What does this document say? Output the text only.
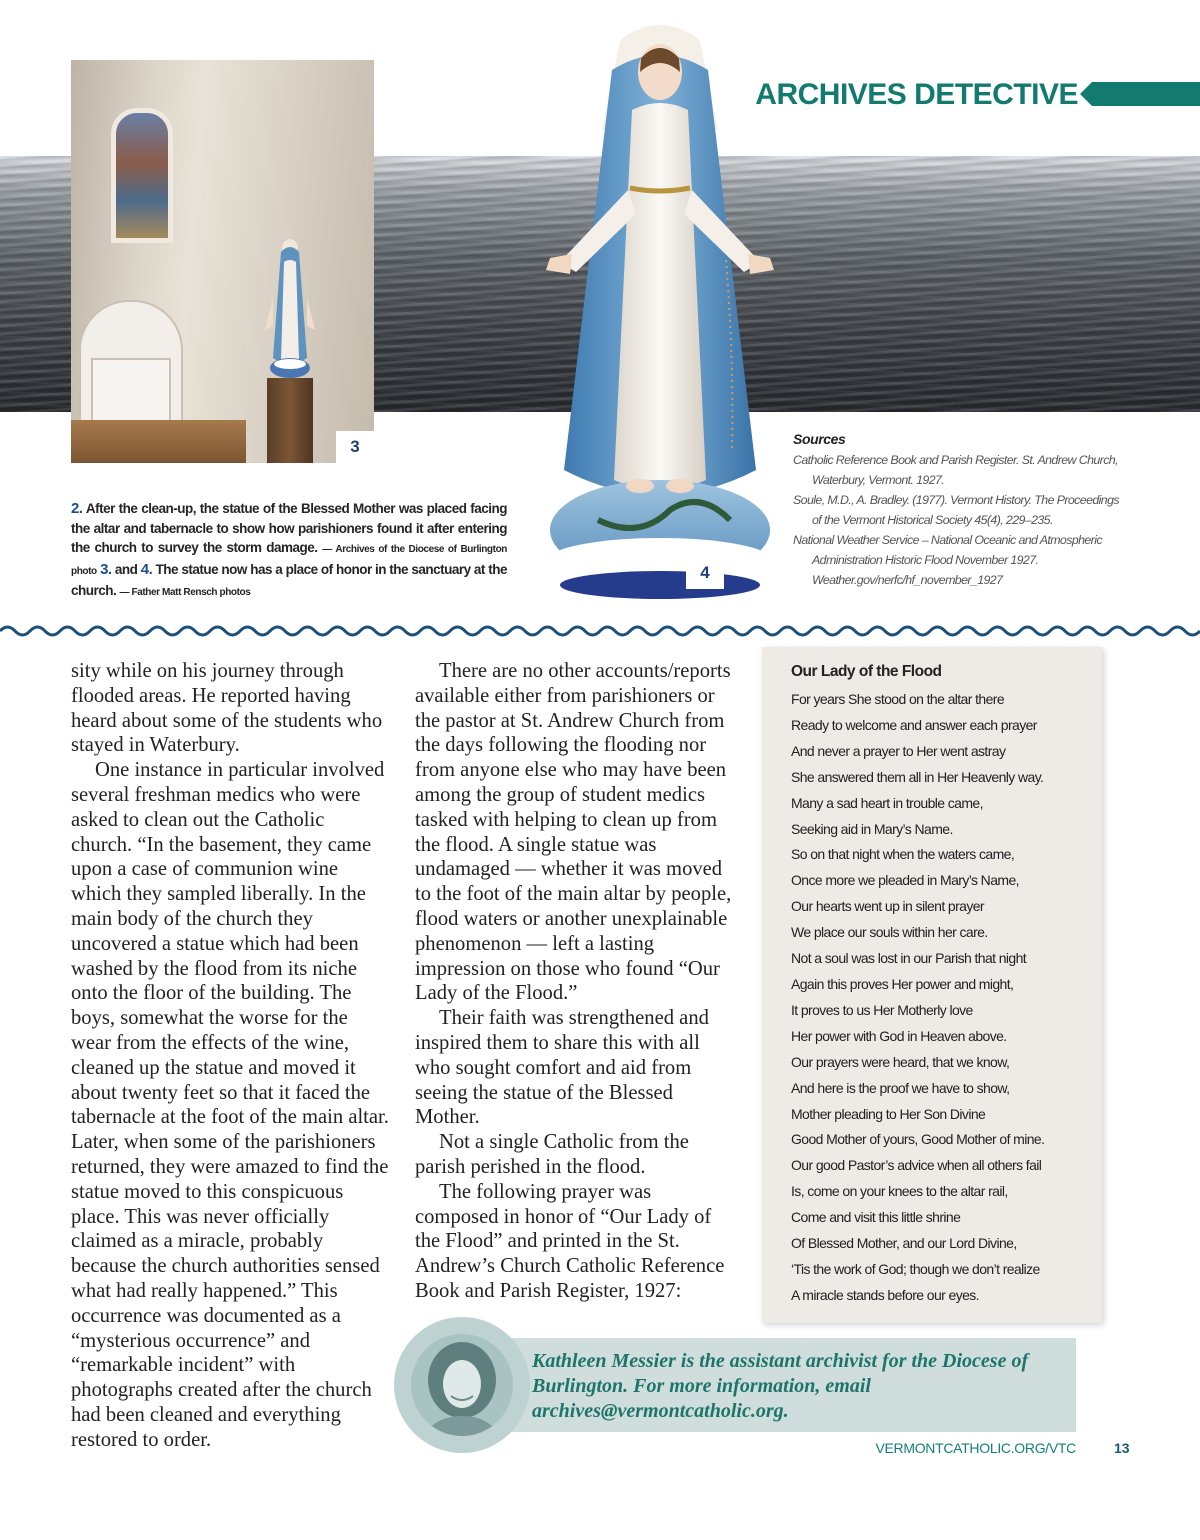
ARCHIVES DETECTIVE
3
4
2. After the clean-up, the statue of the Blessed Mother was placed facing the altar and tabernacle to show how parishioners found it after entering the church to survey the storm damage. — Archives of the Diocese of Burlington photo 3. and 4. The statue now has a place of honor in the sanctuary at the church. — Father Matt Rensch photos
Sources
Catholic Reference Book and Parish Register. St. Andrew Church, Waterbury, Vermont. 1927.
Soule, M.D., A. Bradley. (1977). Vermont History. The Proceedings of the Vermont Historical Society 45(4), 229–235.
National Weather Service – National Oceanic and Atmospheric Administration Historic Flood November 1927. Weather.gov/nerfc/hf_november_1927

sity while on his journey through flooded areas. He reported having heard about some of the students who stayed in Waterbury.

One instance in particular involved several freshman medics who were asked to clean out the Catholic church. “In the basement, they came upon a case of communion wine which they sampled liberally. In the main body of the church they uncovered a statue which had been washed by the flood from its niche onto the floor of the building. The boys, somewhat the worse for the wear from the effects of the wine, cleaned up the statue and moved it about twenty feet so that it faced the tabernacle at the foot of the main altar. Later, when some of the parishioners returned, they were amazed to find the statue moved to this conspicuous place. This was never officially claimed as a miracle, probably because the church authorities sensed what had really happened.” This occurrence was documented as a “mysterious occurrence” and “remarkable incident” with photographs created after the church had been cleaned and everything restored to order.

There are no other accounts/reports available either from parishioners or the pastor at St. Andrew Church from the days following the flooding nor from anyone else who may have been among the group of student medics tasked with helping to clean up from the flood. A single statue was undamaged — whether it was moved to the foot of the main altar by people, flood waters or another unexplainable phenomenon — left a lasting impression on those who found “Our Lady of the Flood.”

Their faith was strengthened and inspired them to share this with all who sought comfort and aid from seeing the statue of the Blessed Mother.

Not a single Catholic from the parish perished in the flood.

The following prayer was composed in honor of “Our Lady of the Flood” and printed in the St. Andrew’s Church Catholic Reference Book and Parish Register, 1927:

Our Lady of the Flood
For years She stood on the altar there
Ready to welcome and answer each prayer
And never a prayer to Her went astray
She answered them all in Her Heavenly way.
Many a sad heart in trouble came,
Seeking aid in Mary’s Name.
So on that night when the waters came,
Once more we pleaded in Mary’s Name,
Our hearts went up in silent prayer
We place our souls within her care.
Not a soul was lost in our Parish that night
Again this proves Her power and might,
It proves to us Her Motherly love
Her power with God in Heaven above.
Our prayers were heard, that we know,
And here is the proof we have to show,
Mother pleading to Her Son Divine
Good Mother of yours, Good Mother of mine.
Our good Pastor’s advice when all others fail
Is, come on your knees to the altar rail,
Come and visit this little shrine
Of Blessed Mother, and our Lord Divine,
‘Tis the work of God; though we don’t realize
A miracle stands before our eyes.
Kathleen Messier is the assistant archivist for the Diocese of Burlington. For more information, email archives@vermontcatholic.org.
VERMONTCATHOLIC.ORG/VTC	13
